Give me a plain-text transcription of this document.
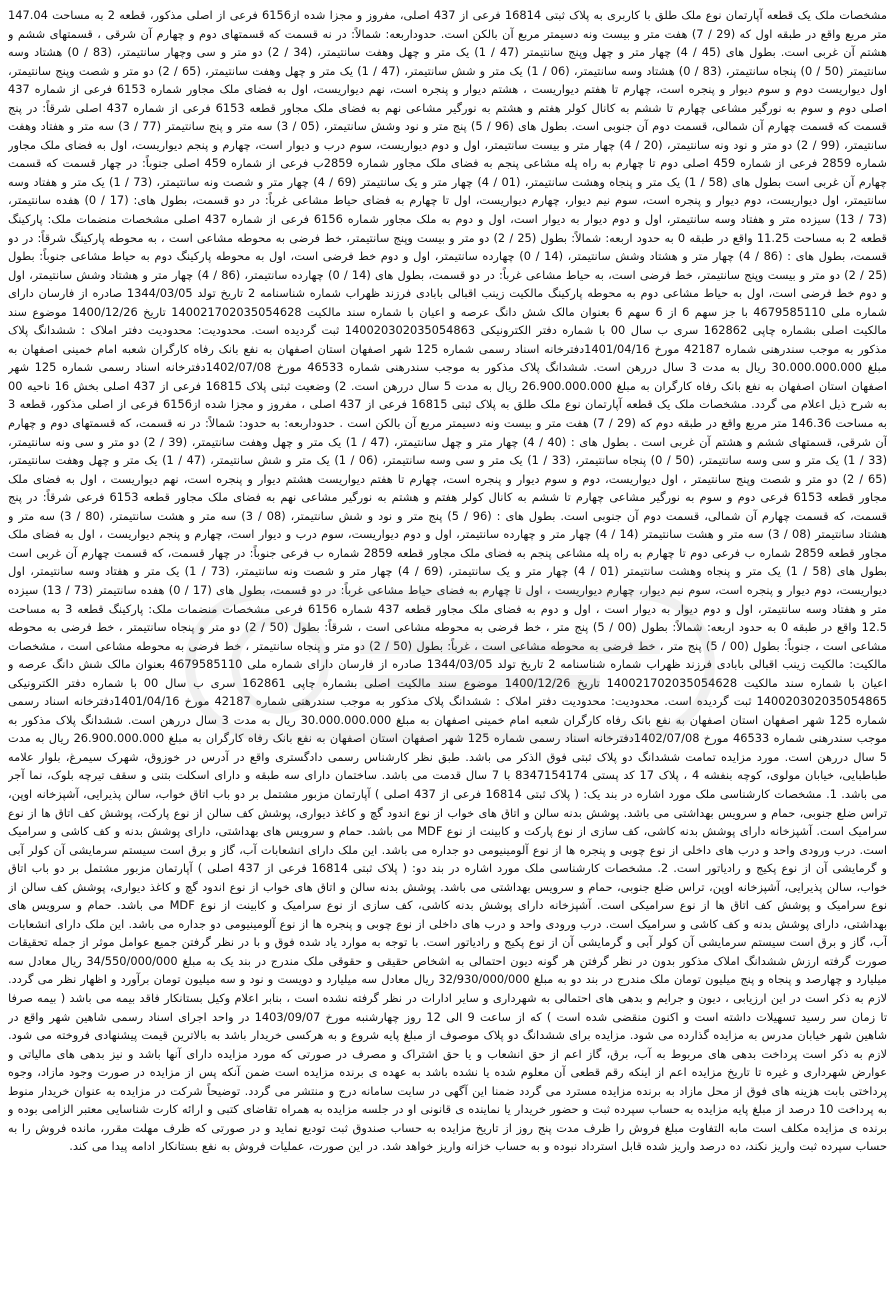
مشخصات ملک یک قطعه آپارتمان نوع ملک طلق با کاربری به پلاک ثبتی 16814 فرعی از 437 اصلی، مفروز و مجزا شده از6156 فرعی از اصلی مذکور، قطعه 2 به مساحت 147.04 متر مربع واقع در طبقه اول که (29 / 7) هفت متر و بیست ونه دسیمتر مربع آن بالکن است. حدوداربعه: شمالاً: در نه قسمت که قسمتهای دوم و چهارم آن شرقی ، قسمتهای ششم و هشتم آن غربی است. بطول های (45 / 4) چهار متر و چهل وپنج سانتیمتر (47 / 1) یک متر و چهل وهفت سانتیمتر، (34 / 2) دو متر و سی وچهار سانتیمتر، (83 / 0) هشتاد وسه سانتیمتر (50 / 0) پنجاه سانتیمتر، (83 / 0) هشتاد وسه سانتیمتر، (06 / 1) یک متر و شش سانتیمتر، (47 / 1) یک متر و چهل وهفت سانتیمتر، (65 / 2) دو متر و شصت وپنج سانتیمتر، اول دیواریست دوم و سوم دیوار و پنجره است، چهارم تا هفتم دیواریست ، هشتم دیوار و پنجره است، نهم دیواریست، اول به فضای ملک مجاور شماره 6153 فرعی از شماره 437 اصلی دوم و سوم به نورگیر مشاعی چهارم تا ششم به کانال کولر هفتم و هشتم به نورگیر مشاعی نهم به فضای ملک مجاور قطعه 6153 فرعی از شماره 437 اصلی شرقاً: در پنج قسمت که قسمت چهارم آن شمالی، قسمت دوم آن جنوبی است. بطول های (96 / 5) پنج متر و نود وشش سانتیمتر، (05 / 3) سه متر و پنج سانتیمتر (77 / 3) سه متر و هفتاد وهفت سانتیمتر، (99 / 2) دو متر و نود ونه سانتیمتر، (20 / 4) چهار متر و بیست سانتیمتر، اول و دوم دیواریست، سوم درب و دیوار است، چهارم و پنجم دیواریست، اول به فضای ملک مجاور شماره 2859 فرعی از شماره 459 اصلی دوم تا چهارم به راه پله مشاعی پنجم به فضای ملک مجاور شماره 2859ب فرعی از شماره 459 اصلی جنوباً: در چهار قسمت که قسمت چهارم آن غربی است بطول های (58 / 1) یک متر و پنجاه وهشت سانتیمتر، (01 / 4) چهار متر و یک سانتیمتر (69 / 4) چهار متر و شصت ونه سانتیمتر، (73 / 1) یک متر و هفتاد وسه سانتیمتر، اول دیواریست، دوم دیوار و پنجره است، سوم نیم دیوار، چهارم دیواریست، اول تا چهارم به فضای حیاط مشاعی غرباً: در دو قسمت، بطول های: (17 / 0) هفده سانتیمتر، (73 / 13) سیزده متر و هفتاد وسه سانتیمتر، اول و دوم دیوار به دیوار است، اول و دوم به ملک مجاور شماره 6156 فرعی از شماره 437 اصلی مشخصات منضمات ملک: پارکینگ قطعه 2 به مساحت 11.25 واقع در طبقه 0 به حدود اربعه: شمالاً: بطول (25 / 2) دو متر و بیست وپنج سانتیمتر، خط فرضی به محوطه مشاعی است ، به محوطه پارکینگ شرقاً: در دو قسمت، بطول های : (86 / 4) چهار متر و هشتاد وشش سانتیمتر، (14 / 0) چهارده سانتیمتر، اول و دوم خط فرضی است، اول به محوطه پارکینگ دوم به حیاط مشاعی جنوباً: بطول (25 / 2) دو متر و بیست وپنج سانتیمتر، خط فرضی است، به حیاط مشاعی غرباً: در دو قسمت، بطول های (14 / 0) چهارده سانتیمتر، (86 / 4) چهار متر و هشتاد وشش سانتیمتر، اول و دوم خط فرضی است، اول به حیاط مشاعی دوم به محوطه پارکینگ مالکیت زینب اقبالی بابادی فرزند ظهراب شماره شناسنامه 2 تاریخ تولد 1344/03/05 صادره از فارسان دارای شماره ملی 4679585110 با جز سهم 6 از 6 سهم 6 بعنوان مالک شش دانگ عرصه و اعیان با شماره سند مالکیت 140021702035054628 تاریخ 1400/12/26 موضوع سند مالکیت اصلی بشماره چاپی 162862 سری ب سال 00 با شماره دفتر الکترونیکی 140020302035054863 ثبت گردیده است. محدودیت: محدودیت دفتر املاک : ششدانگ پلاک مذکور به موجب سندرهنی شماره 42187 مورخ 1401/04/16دفترخانه اسناد رسمی شماره 125 شهر اصفهان استان اصفهان به نفع بانک رفاه کارگران شعبه امام خمینی اصفهان به مبلغ 30.000.000.000 ریال به مدت 3 سال دررهن است. ششدانگ پلاک مذکور به موجب سندرهنی شماره 46533 مورخ 1402/07/08دفترخانه اسناد رسمی شماره 125 شهر اصفهان استان اصفهان به نفع بانک رفاه کارگران به مبلغ 26.900.000.000 ریال به مدت 5 سال دررهن است. 2) وضعیت ثبتی پلاک 16815 فرعی از 437 اصلی بخش 16 ناحیه 00 به شرح ذیل اعلام می گردد. مشخصات ملک یک قطعه آپارتمان نوع ملک طلق به پلاک ثبتی 16815 فرعی از 437 اصلی ، مفروز و مجزا شده از6156 فرعی از اصلی مذکور، قطعه 3 به مساحت 146.36 متر مربع واقع در طبقه دوم که (29 / 7) هفت متر و بیست ونه دسیمتر مربع آن بالکن است . حدوداربعه: به حدود: شمالاً: در نه قسمت، که قسمتهای دوم و چهارم آن شرقی، قسمتهای ششم و هشتم آن غربی است . بطول های : (40 / 4) چهار متر و چهل سانتیمتر، (47 / 1) یک متر و چهل وهفت سانتیمتر، (39 / 2) دو متر و سی ونه سانتیمتر، (33 / 1) یک متر و سی وسه سانتیمتر، (50 / 0) پنجاه سانتیمتر، (33 / 1) یک متر و سی وسه سانتیمتر، (06 / 1) یک متر و شش سانتیمتر، (47 / 1) یک متر و چهل وهفت سانتیمتر، (65 / 2) دو متر و شصت وپنج سانتیمتر ، اول دیواریست، دوم و سوم دیوار و پنجره است، چهارم تا هفتم دیواریست هشتم دیوار و پنجره است، نهم دیواریست ، اول به فضای ملک مجاور قطعه 6153 فرعی دوم و سوم به نورگیر مشاعی چهارم تا ششم به کانال کولر هفتم و هشتم به نورگیر مشاعی نهم به فضای ملک مجاور قطعه 6153 فرعی شرقاً: در پنج قسمت، که قسمت چهارم آن شمالی، قسمت دوم آن جنوبی است. بطول های : (96 / 5) پنج متر و نود و شش سانتیمتر، (08 / 3) سه متر و هشت سانتیمتر، (80 / 3) سه متر و هشتاد سانتیمتر (08 / 3) سه متر و هشت سانتیمتر (14 / 4) چهار متر و چهارده سانتیمتر، اول و دوم دیواریست، سوم درب و دیوار است، چهارم و پنجم دیواریست ، اول به فضای ملک مجاور قطعه 2859 شماره ب فرعی دوم تا چهارم به راه پله مشاعی پنجم به فضای ملک مجاور قطعه 2859 شماره ب فرعی جنوباً: در چهار قسمت، که قسمت چهارم آن غربی است بطول های (58 / 1) یک متر و پنجاه وهشت سانتیمتر (01 / 4) چهار متر و یک سانتیمتر، (69 / 4) چهار متر و شصت ونه سانتیمتر، (73 / 1) یک متر و هفتاد وسه سانتیمتر، اول دیواریست، دوم دیوار و پنجره است، سوم نیم دیوار، چهارم دیواریست ، اول تا چهارم به فضای حیاط مشاعی غرباً: در دو قسمت، بطول های (17 / 0) هفده سانتیمتر (73 / 13) سیزده متر و هفتاد وسه سانتیمتر، اول و دوم دیوار به دیوار است ، اول و دوم به فضای ملک مجاور قطعه 437 شماره 6156 فرعی مشخصات منضمات ملک: پارکینگ قطعه 3 به مساحت 12.5 واقع در طبقه 0 به حدود اربعه: شمالاً: بطول (00 / 5) پنج متر ، خط فرضی به محوطه مشاعی است ، شرقاً: بطول (50 / 2) دو متر و پنجاه سانتیمتر ، خط فرضی به محوطه مشاعی است ، جنوباً: بطول (00 / 5) پنج متر ، خط فرضی به محوطه مشاعی است ، غرباً: بطول (50 / 2) دو متر و پنجاه سانتیمتر ، خط فرضی به محوطه مشاعی است ، مشخصات مالکیت: مالکیت زینب اقبالی بابادی فرزند ظهراب شماره شناسنامه 2 تاریخ تولد 1344/03/05 صادره از فارسان دارای شماره ملی 4679585110 بعنوان مالک شش دانگ عرصه و اعیان با شماره سند مالکیت 140021702035054628 تاریخ 1400/12/26 موضوع سند مالکیت اصلی بشماره چاپی 162861 سری ب سال 00 با شماره دفتر الکترونیکی 140020302035054865 ثبت گردیده است. محدودیت: محدودیت دفتر املاک : ششدانگ پلاک مذکور به موجب سندرهنی شماره 42187 مورخ 1401/04/16دفترخانه اسناد رسمی شماره 125 شهر اصفهان استان اصفهان به نفع بانک رفاه کارگران شعبه امام خمینی اصفهان به مبلغ 30.000.000.000 ریال به مدت 3 سال دررهن است. ششدانگ پلاک مذکور به موجب سندرهنی شماره 46533 مورخ 1402/07/08دفترخانه اسناد رسمی شماره 125 شهر اصفهان استان اصفهان به نفع بانک رفاه کارگران به مبلغ 26.900.000.000 ریال به مدت 5 سال دررهن است. مورد مزایده تمامت ششدانگ دو پلاک ثبتی فوق الذکر می باشد. طبق نظر کارشناس رسمی دادگستری واقع در آدرس در خوزوق، شهرک سیمرغ، بلوار علامه طباطبایی، خیابان مولوی، کوچه بنفشه 4 ، پلاک 17 کد پستی 8347154174 با 7 سال قدمت می باشد. ساختمان دارای سه طبقه و دارای اسکلت بتنی و سقف تیرچه بلوک، نما آجر می باشد. 1. مشخصات کارشناسی ملک مورد اشاره در بند یک: ( پلاک ثبتی 16814 فرعی از 437 اصلی ) آپارتمان مزبور مشتمل بر دو باب اتاق خواب، سالن پذیرایی، آشپزخانه اوپن، تراس ضلع جنوبی، حمام و سرویس بهداشتی می باشد. پوشش بدنه سالن و اتاق های خواب از نوع اندود گچ و کاغذ دیواری، پوشش کف سالن از نوع پارکت، پوشش کف اتاق ها از نوع سرامیک است. آشپزخانه دارای پوشش بدنه کاشی، کف سازی از نوع پارکت و کابینت از نوع MDF می باشد. حمام و سرویس های بهداشتی، دارای پوشش بدنه و کف کاشی و سرامیک است. درب ورودی واحد و درب های داخلی از نوع چوبی و پنجره ها از نوع آلومینیومی دو جداره می باشد. این ملک دارای انشعابات آب، گاز و برق است سیستم سرمایشی آن کولر آبی و گرمایشی آن از نوع پکیج و رادیاتور است. 2. مشخصات کارشناسی ملک مورد اشاره در بند دو: ( پلاک ثبتی 16814 فرعی از 437 اصلی ) آپارتمان مزبور مشتمل بر دو باب اتاق خواب، سالن پذیرایی، آشپزخانه اوپن، تراس ضلع جنوبی، حمام و سرویس بهداشتی می باشد. پوشش بدنه سالن و اتاق های خواب از نوع اندود گچ و کاغذ دیواری، پوشش کف سالن از نوع سرامیک و پوشش کف اتاق ها از نوع سرامیکی است. آشپزخانه دارای پوشش بدنه کاشی، کف سازی از نوع سرامیک و کابینت از نوع MDF می باشد. حمام و سرویس های بهداشتی، دارای پوشش بدنه و کف کاشی و سرامیک است. درب ورودی واحد و درب های داخلی از نوع چوبی و پنجره ها از نوع آلومینیومی دو جداره می باشد. این ملک دارای انشعابات آب، گاز و برق است سیستم سرمایشی آن کولر آبی و گرمایشی آن از نوع پکیج و رادیاتور است. با توجه به موارد یاد شده فوق و با در نظر گرفتن جمیع عوامل موثر از جمله تحقیقات صورت گرفته ارزش ششدانگ املاک مذکور بدون در نظر گرفتن هر گونه دیون احتمالی به اشخاص حقیقی و حقوقی ملک مندرج در بند یک به مبلغ 34/550/000/000 ریال معادل سه میلیارد و چهارصد و پنجاه و پنج میلیون تومان ملک مندرج در بند دو به مبلغ 32/930/000/000 ریال معادل سه میلیارد و دویست و نود و سه میلیون تومان برآورد و اظهار نظر می گردد. لازم به ذکر است در این ارزیابی ، دیون و جرایم و بدهی های احتمالی به شهرداری و سایر ادارات در نظر گرفته نشده است ، بنابر اعلام وکیل بستانکار فاقد بیمه می باشد ( بیمه صرفا تا زمان سر رسید تسهیلات داشته است و اکنون منقضی شده است ) که از ساعت 9 الی 12 روز چهارشنبه مورخ 1403/09/07 در واحد اجرای اسناد رسمی شاهین شهر واقع در شاهین شهر خیابان مدرس به مزایده گذارده می شود. مزایده برای ششدانگ دو پلاک موصوف از مبلغ پایه شروع و به هرکسی خریدار باشد به بالاترین قیمت پیشنهادی فروخته می شود. لازم به ذکر است پرداخت بدهی های مربوط به آب، برق، گاز اعم از حق انشعاب و یا حق اشتراک و مصرف در صورتی که مورد مزایده دارای آنها باشد و نیز بدهی های مالیاتی و عوارض شهرداری و غیره تا تاریخ مزایده اعم از اینکه رقم قطعی آن معلوم شده یا نشده باشد به عهده ی برنده مزایده است ضمن آنکه پس از مزایده در صورت وجود مازاد، وجوه پرداختی بابت هزینه های فوق از محل مازاد به برنده مزایده مسترد می گردد ضمنا این آگهی در سایت سامانه درج و منتشر می گردد. توضیحاً شرکت در مزایده به عنوان خریدار منوط به پرداخت 10 درصد از مبلغ پایه مزایده به حساب سپرده ثبت و حضور خریدار یا نماینده ی قانونی او در جلسه مزایده به همراه تقاضای کتبی و ارائه کارت شناسایی معتبر الزامی بوده و برنده ی مزایده مکلف است مابه التفاوت مبلغ فروش را ظرف مدت پنج روز از تاریخ مزایده به حساب صندوق ثبت تودیع نماید و در صورتی که ظرف مهلت مقرر، مانده فروش را به حساب سپرده ثبت واریز نکند، ده درصد واریز شده قابل استرداد نبوده و به حساب خزانه واریز خواهد شد. در این صورت، عملیات فروش به نفع بستانکار ادامه پیدا می کند.
